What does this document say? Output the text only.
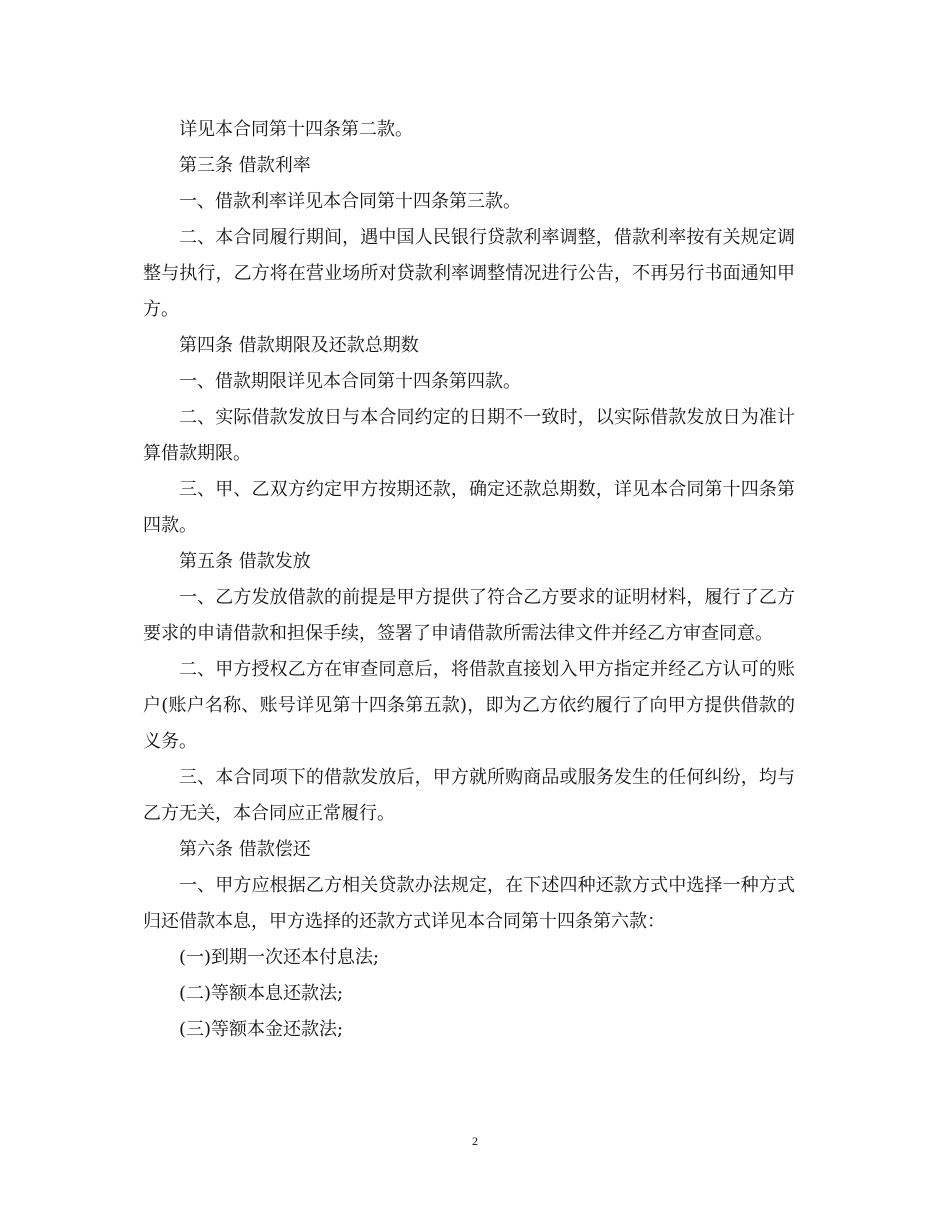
详见本合同第十四条第二款。

第三条 借款利率

一、借款利率详见本合同第十四条第三款。

二、本合同履行期间，遇中国人民银行贷款利率调整，借款利率按有关规定调整与执行，乙方将在营业场所对贷款利率调整情况进行公告，不再另行书面通知甲方。

第四条 借款期限及还款总期数

一、借款期限详见本合同第十四条第四款。

二、实际借款发放日与本合同约定的日期不一致时，以实际借款发放日为准计算借款期限。

三、甲、乙双方约定甲方按期还款，确定还款总期数，详见本合同第十四条第四款。

第五条 借款发放

一、乙方发放借款的前提是甲方提供了符合乙方要求的证明材料，履行了乙方要求的申请借款和担保手续，签署了申请借款所需法律文件并经乙方审查同意。

二、甲方授权乙方在审查同意后，将借款直接划入甲方指定并经乙方认可的账户(账户名称、账号详见第十四条第五款)，即为乙方依约履行了向甲方提供借款的义务。

三、本合同项下的借款发放后，甲方就所购商品或服务发生的任何纠纷，均与乙方无关，本合同应正常履行。

第六条 借款偿还

一、甲方应根据乙方相关贷款办法规定，在下述四种还款方式中选择一种方式归还借款本息，甲方选择的还款方式详见本合同第十四条第六款：

(一)到期一次还本付息法;

(二)等额本息还款法;

(三)等额本金还款法;

2
